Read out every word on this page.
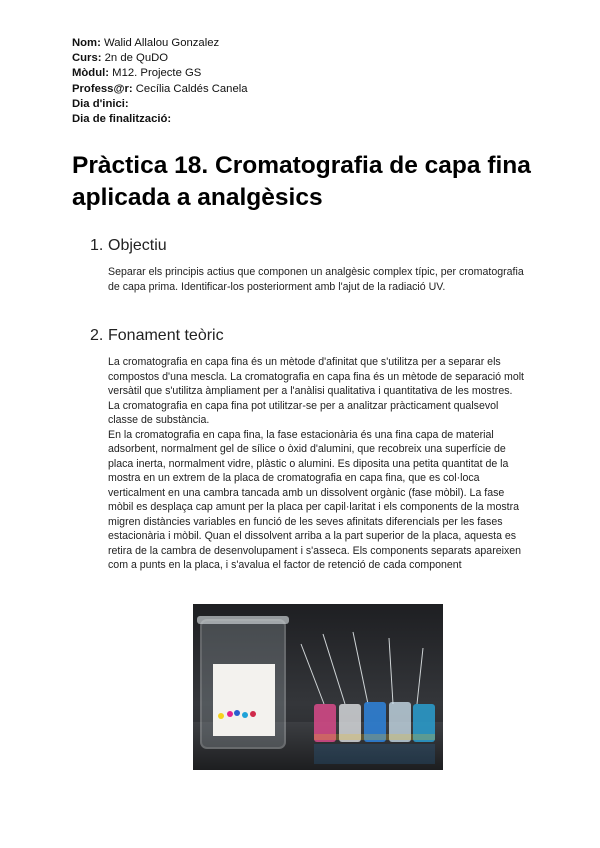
Nom: Walid Allalou Gonzalez
Curs: 2n de QuDO
Mòdul: M12. Projecte GS
Profess@r: Cecília Caldés Canela
Dia d'inici:
Dia de finalització:
Pràctica 18. Cromatografia de capa fina aplicada a analgèsics
1. Objectiu

Separar els principis actius que componen un analgèsic complex típic, per cromatografia de capa prima. Identificar-los posteriorment amb l'ajut de la radiació UV.

2. Fonament teòric

La cromatografia en capa fina és un mètode d'afinitat que s'utilitza per a separar els compostos d'una mescla. La cromatografia en capa fina és un mètode de separació molt versàtil que s'utilitza àmpliament per a l'anàlisi qualitativa i quantitativa de les mostres. La cromatografia en capa fina pot utilitzar-se per a analitzar pràcticament qualsevol classe de substància.

En la cromatografia en capa fina, la fase estacionària és una fina capa de material adsorbent, normalment gel de sílice o òxid d'alumini, que recobreix una superfície de placa inerta, normalment vidre, plàstic o alumini. Es diposita una petita quantitat de la mostra en un extrem de la placa de cromatografia en capa fina, que es col·loca verticalment en una cambra tancada amb un dissolvent orgànic (fase mòbil). La fase mòbil es desplaça cap amunt per la placa per capil·laritat i els components de la mostra migren distàncies variables en funció de les seves afinitats diferencials per les fases estacionària i mòbil. Quan el dissolvent arriba a la part superior de la placa, aquesta es retira de la cambra de desenvolupament i s'asseca. Els components separats apareixen com a punts en la placa, i s'avalua el factor de retenció de cada component
